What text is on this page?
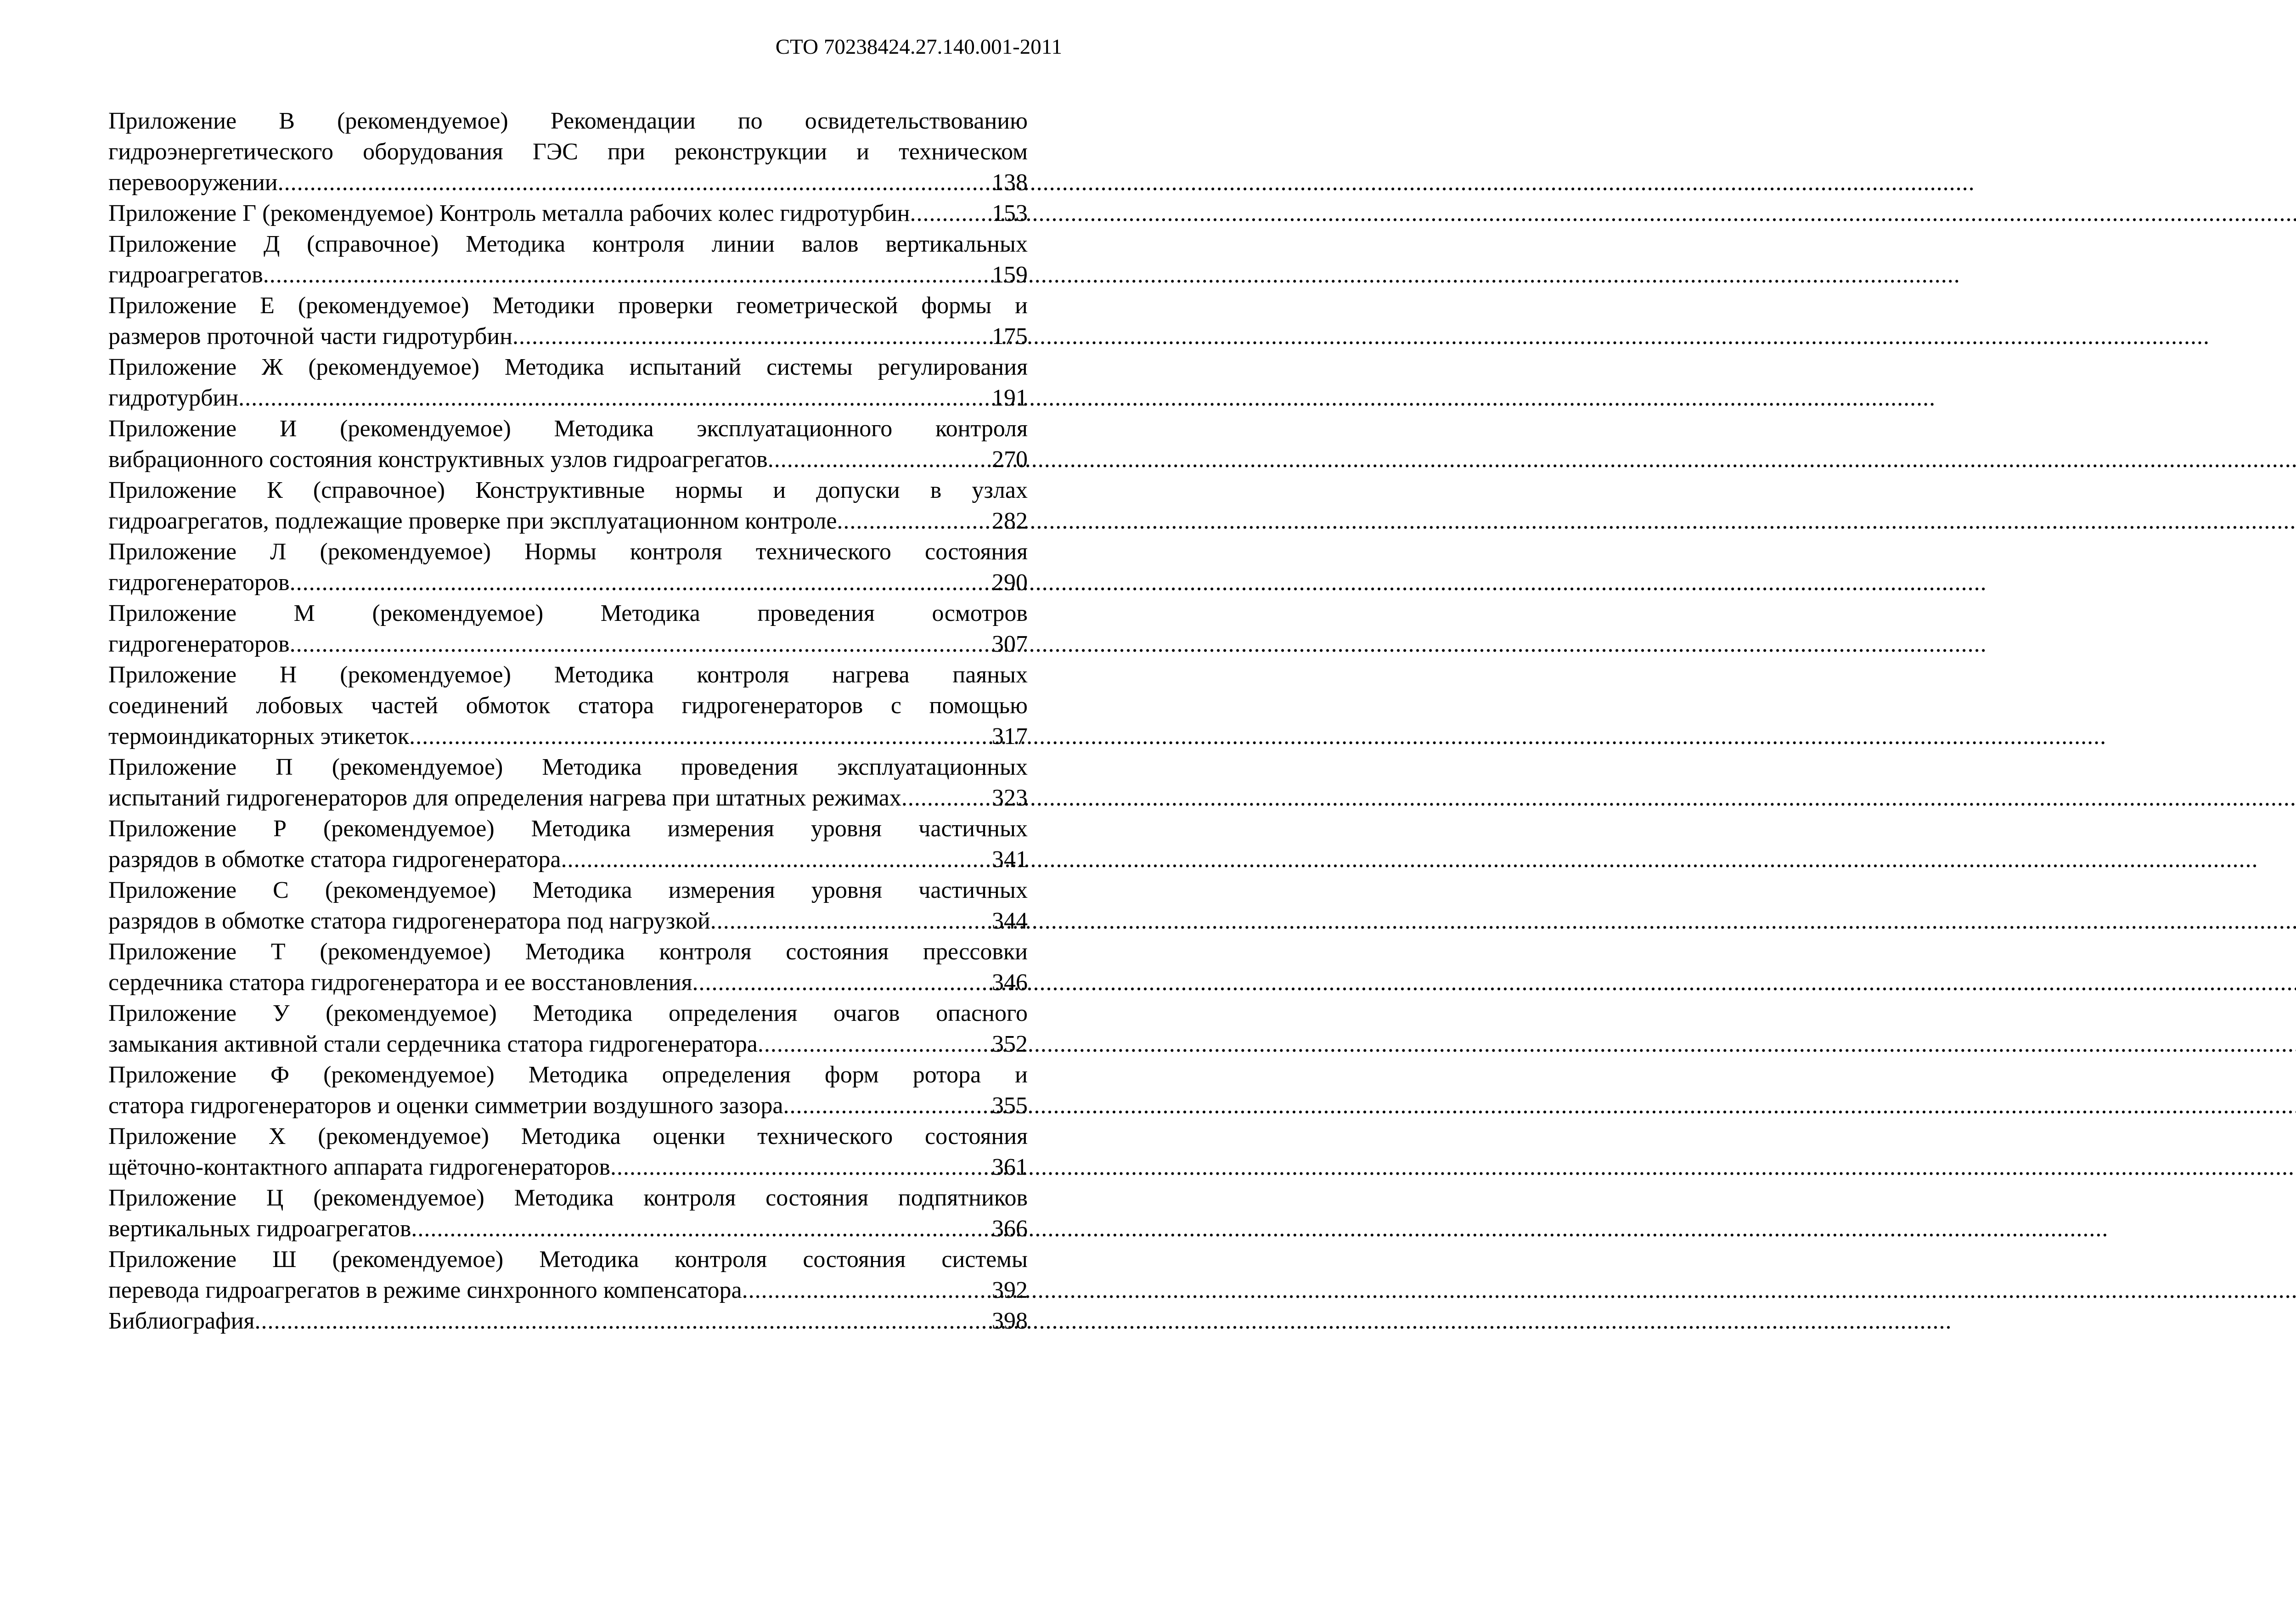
СТО 70238424.27.140.001-2011
Приложение В (рекомендуемое) Рекомендации по освидетельствованию
гидроэнергетического оборудования ГЭС при реконструкции и техническом
перевооружении .....	138
Приложение Г (рекомендуемое) Контроль металла рабочих колес гидротурбин .....	153
Приложение Д (справочное) Методика контроля линии валов вертикальных
гидроагрегатов .....	159
Приложение Е (рекомендуемое) Методики проверки геометрической формы и
размеров проточной части гидротурбин .....	175
Приложение Ж (рекомендуемое) Методика испытаний системы регулирования
гидротурбин .....	191
Приложение И (рекомендуемое) Методика эксплуатационного контроля
вибрационного состояния конструктивных узлов гидроагрегатов .....	270
Приложение К (справочное) Конструктивные нормы и допуски в узлах
гидроагрегатов, подлежащие проверке при эксплуатационном контроле .....	282
Приложение Л (рекомендуемое) Нормы контроля технического состояния
гидрогенераторов .....	290
Приложение М (рекомендуемое) Методика проведения осмотров
гидрогенераторов .....	307
Приложение Н (рекомендуемое) Методика контроля нагрева паяных
соединений лобовых частей обмоток статора гидрогенераторов с помощью
термоиндикаторных этикеток .....	317
Приложение П (рекомендуемое) Методика проведения эксплуатационных
испытаний гидрогенераторов для определения нагрева при штатных режимах .....	323
Приложение Р (рекомендуемое) Методика измерения уровня частичных
разрядов в обмотке статора гидрогенератора .....	341
Приложение С (рекомендуемое) Методика измерения уровня частичных
разрядов в обмотке статора гидрогенератора под нагрузкой .....	344
Приложение Т (рекомендуемое) Методика контроля состояния прессовки
сердечника статора гидрогенератора и ее восстановления .....	346
Приложение У (рекомендуемое) Методика определения очагов опасного
замыкания активной стали сердечника статора гидрогенератора .....	352
Приложение Ф (рекомендуемое) Методика определения форм ротора и
статора гидрогенераторов и оценки симметрии воздушного зазора .....	355
Приложение Х (рекомендуемое) Методика оценки технического состояния
щёточно-контактного аппарата гидрогенераторов .....	361
Приложение Ц (рекомендуемое) Методика контроля состояния подпятников
вертикальных гидроагрегатов .....	366
Приложение Ш (рекомендуемое) Методика контроля состояния системы
перевода гидроагрегатов в режиме синхронного компенсатора .....	392
Библиография .....	398
